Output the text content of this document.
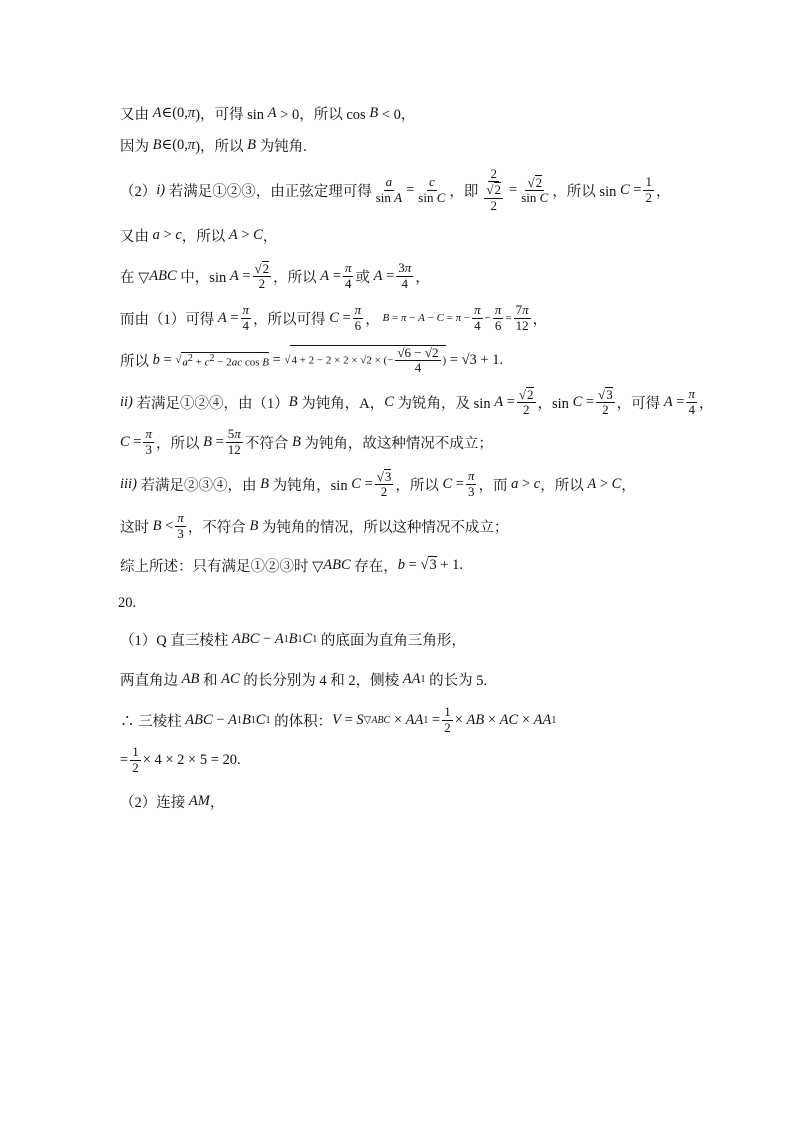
又由 A ∈(0, π )，可得 sin A > 0，所以 cos B < 0，
因为 B ∈(0, π )，所以 B 为钝角.
（2） i) 若满足①②③，由正弦定理可得 $\frac{a}{\text{sin A}} = \frac{c}{\text{sin C}}$ ，即 2
√ $\frac{2}{2}$ = √ $\frac{2}{\text{sin C}}$ ，所以 $\sin C = \frac{1}{2}$ ，
又由 a > c ，所以 A > C ，
在 ▽ ABC 中，sin A = √ $\frac{2}{2}$ ，所以 $A = \frac{\pi}{4}$ 或 $A = \frac{3\pi}{4}$ ，
而由（1）可得 $A = \frac{\pi}{4}$ ，所以可得 $C = \frac{\pi}{6}$ ， $B = \pi - A - C = \pi - \frac{\pi}{4} - \frac{\pi}{6} = \frac{7\pi}{12}$ ，
所以 b = √ $a^2 + c^2 - 2ac$ cos B = √ 4 + 2 − 2 × 2 × √2 × (− $\frac{√6 - √2}{4}$ ) = √3 + 1.
ii) 若满足①②④，由（1） B 为钝角，A， C 为锐角，及 sin A = √ $\frac{2}{2}$ ，sin C = √ $\frac{3}{2}$ ，可得 $A = \frac{\pi}{4}$ ，
$C = \frac{\pi}{3}$ ，所以 $B = \frac{5\pi}{12}$ 不符合 B 为钝角，故这种情况不成立；
iii) 若满足②③④，由 B 为钝角，sin C = √ $\frac{3}{2}$ ，所以 $C = \frac{\pi}{3}$ ，而 a > c ，所以 A > C ，
这时 $B < \frac{\pi}{3}$ ，不符合 B 为钝角的情况，所以这种情况不成立；
综上所述：只有满足①②③时 ▽ ABC 存在， b = √ 3 + 1.
20.
（1）Q 直三棱柱 ABC − A 1 B 1 C 1 的底面为直角三角形，
两直角边 AB 和 AC 的长分别为 4 和 2，侧棱 AA 1 的长为 5.
∴ 三棱柱 ABC − A 1 B 1 C 1 的体积： V = S ▽ABC × AA $1 = \frac{1}{2}$ × AB × AC × AA 1
= $\frac{1}{2} \times 4 \times 2 \times 5 = 20$.
（2）连接 AM ，
